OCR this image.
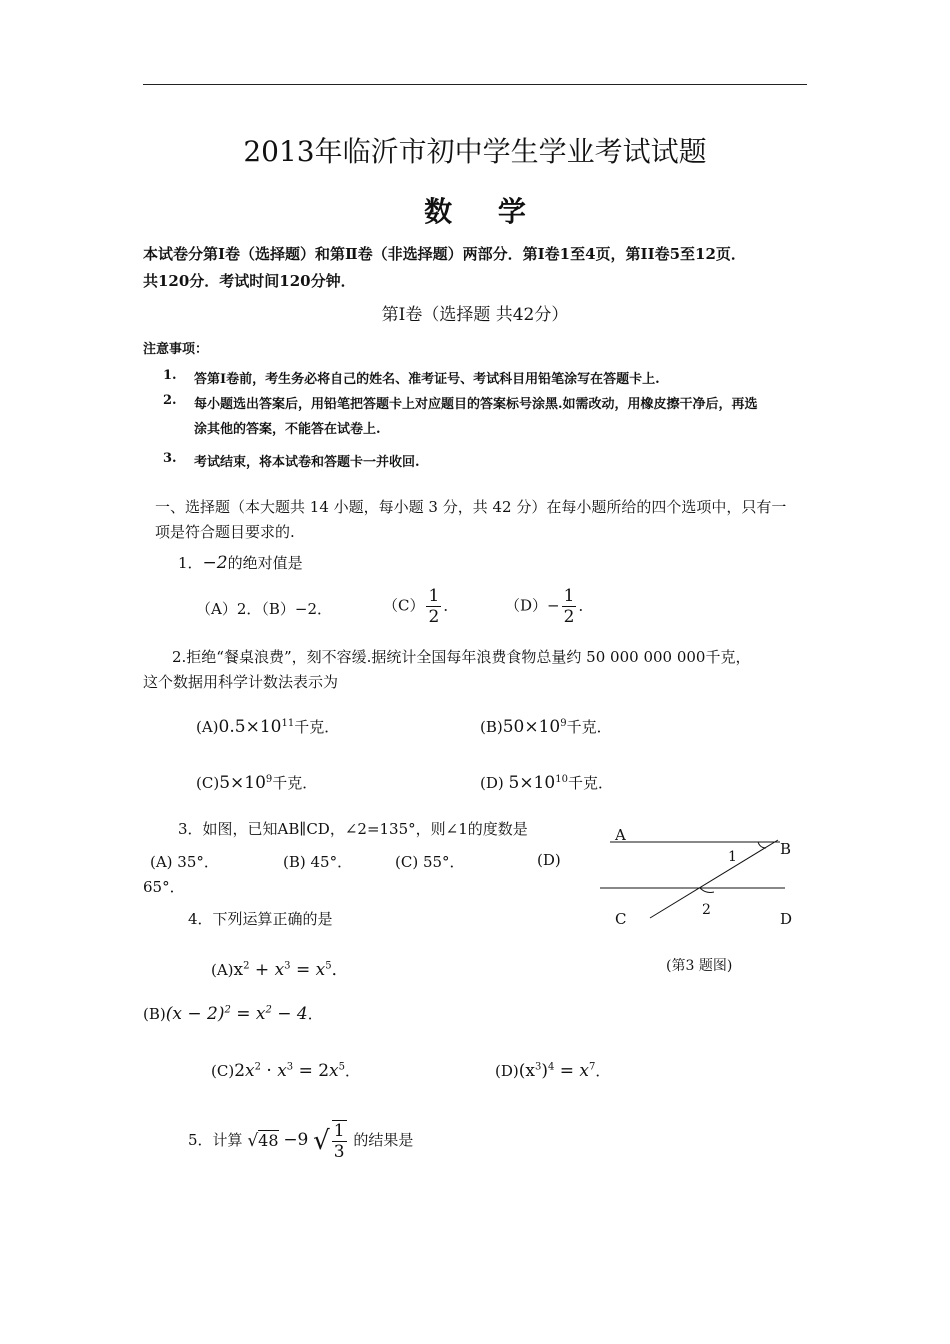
2013年临沂市初中学生学业考试试题
数 学
本试卷分第Ⅰ卷（选择题）和第Ⅱ卷（非选择题）两部分．第Ⅰ卷1至4页，第II卷5至12页．
共120分．考试时间120分钟．
第Ⅰ卷（选择题 共42分）
注意事项：
1. 答第Ⅰ卷前，考生务必将自己的姓名、准考证号、考试科目用铅笔涂写在答题卡上.
2. 每小题选出答案后，用铅笔把答题卡上对应题目的答案标号涂黑.如需改动，用橡皮擦干净后，再选
涂其他的答案，不能答在试卷上.
3. 考试结束，将本试卷和答题卡一并收回.
一、选择题（本大题共 14 小题，每小题 3 分，共 42 分）在每小题所给的四个选项中，只有一
项是符合题目要求的.
1．−2的绝对值是
（A）2．（B）−2．	$(C) \frac{1}{2}$ ．	$(D)- \frac{1}{2}$ ．
2.拒绝“餐桌浪费”，刻不容缓.据统计全国每年浪费食物总量约 50 000 000 000千克，
这个数据用科学计数法表示为
$(A)0.5\times 10^{11}$千克．	$(B)50\times 10^9$千克．
$(C)5\times 10^9$千克．	(D) $5\times 10^{10}$千克．
3．如图，已知AB∥CD，∠2=135°，则∠1的度数是
(A) 35°．	(B) 45°．	(C) 55°．	(D)
65°．
A
B
C	D
1
2
(第3 题图)
4．下列运算正确的是
$(A)x^2 + x^3 = x^5$．
$(B)(x - 2)^2 = x^2 - 4$．
$(C)2x^2 \cdot x^3 = 2x^5$．	$(D)(x^3)^4 = x^7$．
5．计算 √48 −9 √ $\frac{1}{3}$ 的结果是
